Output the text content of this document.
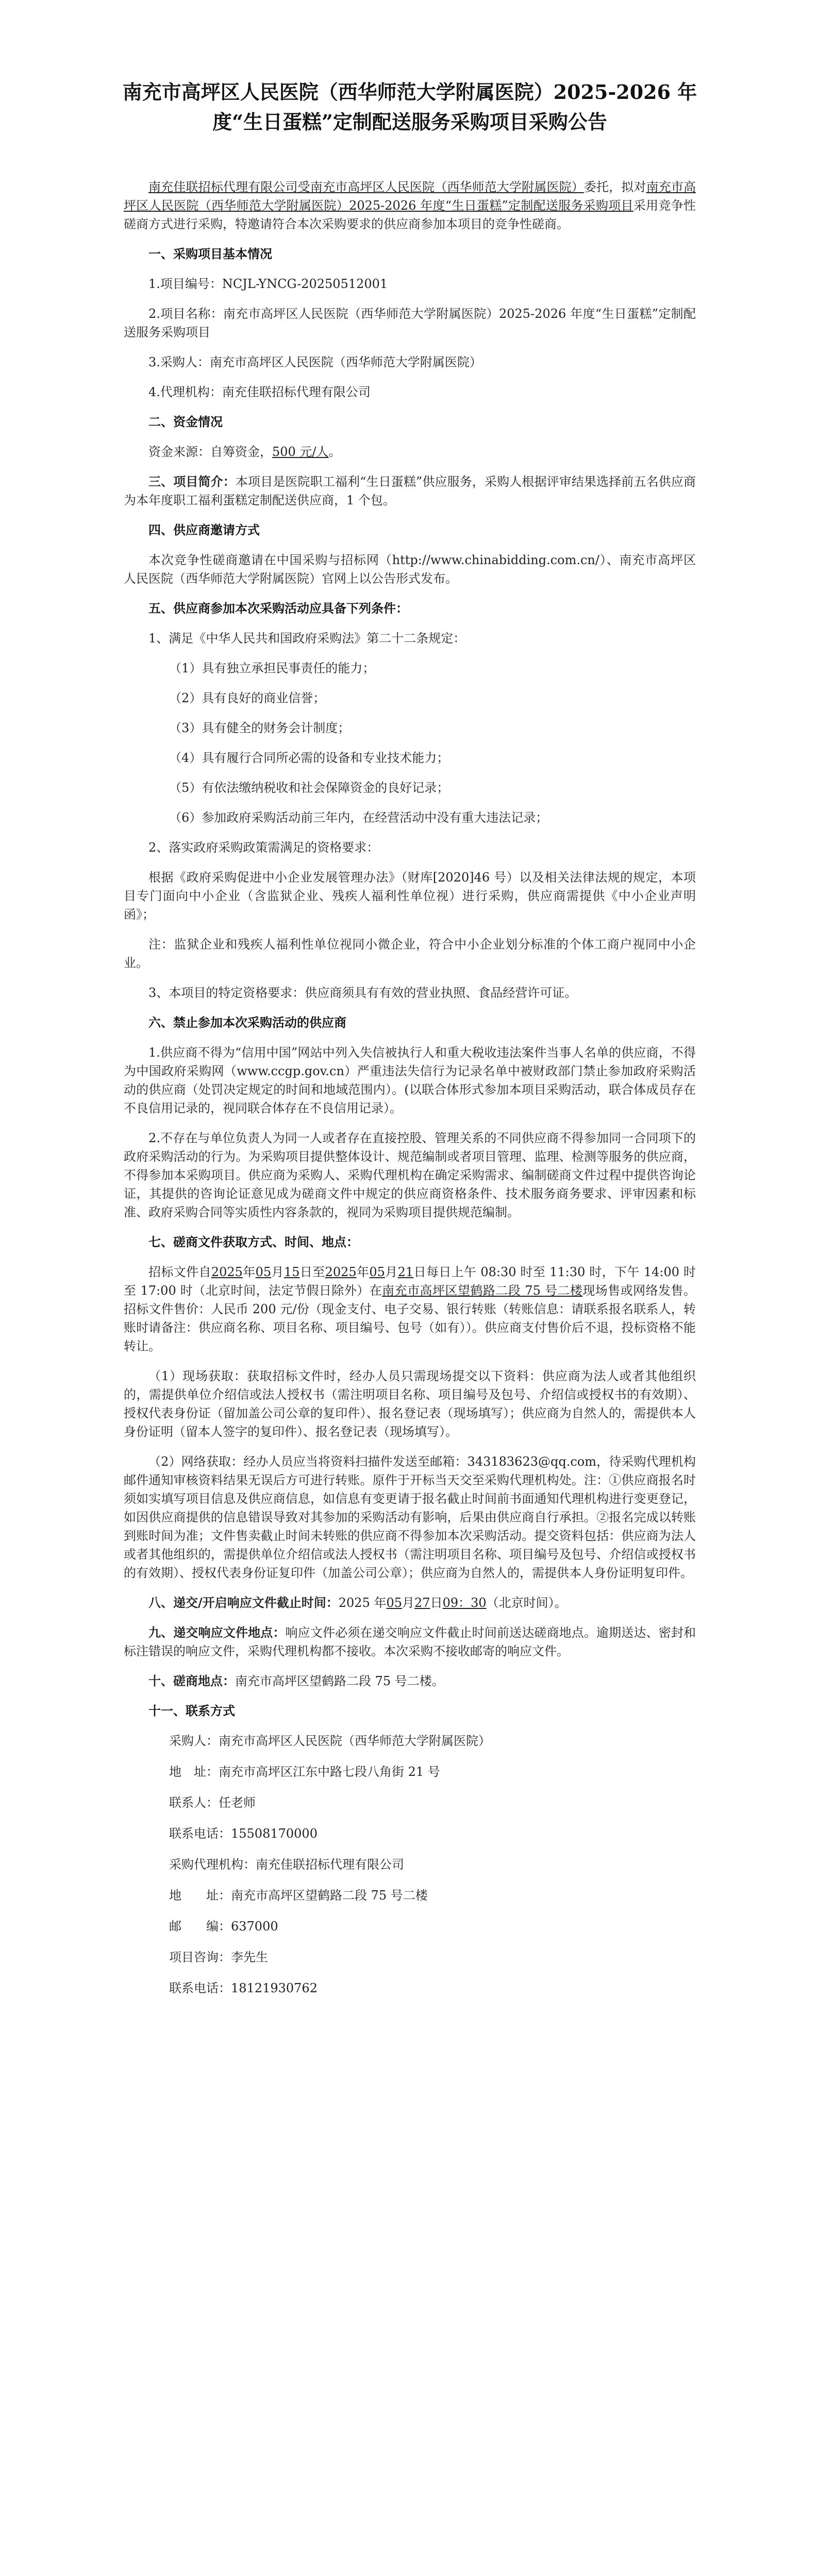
南充市高坪区人民医院（西华师范大学附属医院）2025-2026 年度“生日蛋糕”定制配送服务采购项目采购公告

南充佳联招标代理有限公司受南充市高坪区人民医院（西华师范大学附属医院）委托，拟对南充市高坪区人民医院（西华师范大学附属医院）2025-2026 年度“生日蛋糕”定制配送服务采购项目采用竞争性磋商方式进行采购，特邀请符合本次采购要求的供应商参加本项目的竞争性磋商。

一、采购项目基本情况

1.项目编号：NCJL-YNCG-20250512001

2.项目名称：南充市高坪区人民医院（西华师范大学附属医院）2025-2026 年度“生日蛋糕”定制配送服务采购项目

3.采购人：南充市高坪区人民医院（西华师范大学附属医院）

4.代理机构：南充佳联招标代理有限公司

二、资金情况

资金来源：自筹资金，500 元/人。

三、项目简介：本项目是医院职工福利“生日蛋糕”供应服务，采购人根据评审结果选择前五名供应商为本年度职工福利蛋糕定制配送供应商，1 个包。

四、供应商邀请方式

本次竞争性磋商邀请在中国采购与招标网（http://www.chinabidding.com.cn/）、南充市高坪区人民医院（西华师范大学附属医院）官网上以公告形式发布。

五、供应商参加本次采购活动应具备下列条件：

1、满足《中华人民共和国政府采购法》第二十二条规定：

（1）具有独立承担民事责任的能力；

（2）具有良好的商业信誉；

（3）具有健全的财务会计制度；

（4）具有履行合同所必需的设备和专业技术能力；

（5）有依法缴纳税收和社会保障资金的良好记录；

（6）参加政府采购活动前三年内，在经营活动中没有重大违法记录；

2、落实政府采购政策需满足的资格要求：

根据《政府采购促进中小企业发展管理办法》（财库[2020]46 号）以及相关法律法规的规定，本项目专门面向中小企业（含监狱企业、残疾人福利性单位视）进行采购，供应商需提供《中小企业声明函》；

注：监狱企业和残疾人福利性单位视同小微企业，符合中小企业划分标准的个体工商户视同中小企业。

3、本项目的特定资格要求：供应商须具有有效的营业执照、食品经营许可证。

六、禁止参加本次采购活动的供应商

1.供应商不得为“信用中国”网站中列入失信被执行人和重大税收违法案件当事人名单的供应商，不得为中国政府采购网（www.ccgp.gov.cn）严重违法失信行为记录名单中被财政部门禁止参加政府采购活动的供应商（处罚决定规定的时间和地域范围内）。(以联合体形式参加本项目采购活动，联合体成员存在不良信用记录的，视同联合体存在不良信用记录）。

2.不存在与单位负责人为同一人或者存在直接控股、管理关系的不同供应商不得参加同一合同项下的政府采购活动的行为。为采购项目提供整体设计、规范编制或者项目管理、监理、检测等服务的供应商，不得参加本采购项目。供应商为采购人、采购代理机构在确定采购需求、编制磋商文件过程中提供咨询论证，其提供的咨询论证意见成为磋商文件中规定的供应商资格条件、技术服务商务要求、评审因素和标准、政府采购合同等实质性内容条款的，视同为采购项目提供规范编制。

七、磋商文件获取方式、时间、地点：

招标文件自2025年05月15日至2025年05月21日每日上午 08:30 时至 11:30 时，下午 14:00 时至 17:00 时（北京时间，法定节假日除外）在南充市高坪区望鹤路二段 75 号二楼现场售或网络发售。招标文件售价：人民币 200 元/份（现金支付、电子交易、银行转账（转账信息：请联系报名联系人，转账时请备注：供应商名称、项目名称、项目编号、包号（如有））。供应商支付售价后不退，投标资格不能转让。

（1）现场获取：获取招标文件时，经办人员只需现场提交以下资料：供应商为法人或者其他组织的，需提供单位介绍信或法人授权书（需注明项目名称、项目编号及包号、介绍信或授权书的有效期）、授权代表身份证（留加盖公司公章的复印件）、报名登记表（现场填写）；供应商为自然人的，需提供本人身份证明（留本人签字的复印件）、报名登记表（现场填写）。

（2）网络获取：经办人员应当将资料扫描件发送至邮箱：343183623@qq.com，待采购代理机构邮件通知审核资料结果无误后方可进行转账。原件于开标当天交至采购代理机构处。注：①供应商报名时须如实填写项目信息及供应商信息，如信息有变更请于报名截止时间前书面通知代理机构进行变更登记，如因供应商提供的信息错误导致对其参加的采购活动有影响，后果由供应商自行承担。②报名完成以转账到账时间为准；文件售卖截止时间未转账的供应商不得参加本次采购活动。提交资料包括：供应商为法人或者其他组织的，需提供单位介绍信或法人授权书（需注明项目名称、项目编号及包号、介绍信或授权书的有效期）、授权代表身份证复印件（加盖公司公章）；供应商为自然人的，需提供本人身份证明复印件。

八、递交/开启响应文件截止时间：2025 年05月27日09：30（北京时间）。

九、递交响应文件地点：响应文件必须在递交响应文件截止时间前送达磋商地点。逾期送达、密封和标注错误的响应文件，采购代理机构都不接收。本次采购不接收邮寄的响应文件。

十、磋商地点：南充市高坪区望鹤路二段 75 号二楼。

十一、联系方式

采购人：南充市高坪区人民医院（西华师范大学附属医院）

地　址：南充市高坪区江东中路七段八角街 21 号

联系人：任老师

联系电话：15508170000

采购代理机构：南充佳联招标代理有限公司

地　　址：南充市高坪区望鹤路二段 75 号二楼

邮　　编：637000

项目咨询：李先生

联系电话：18121930762
